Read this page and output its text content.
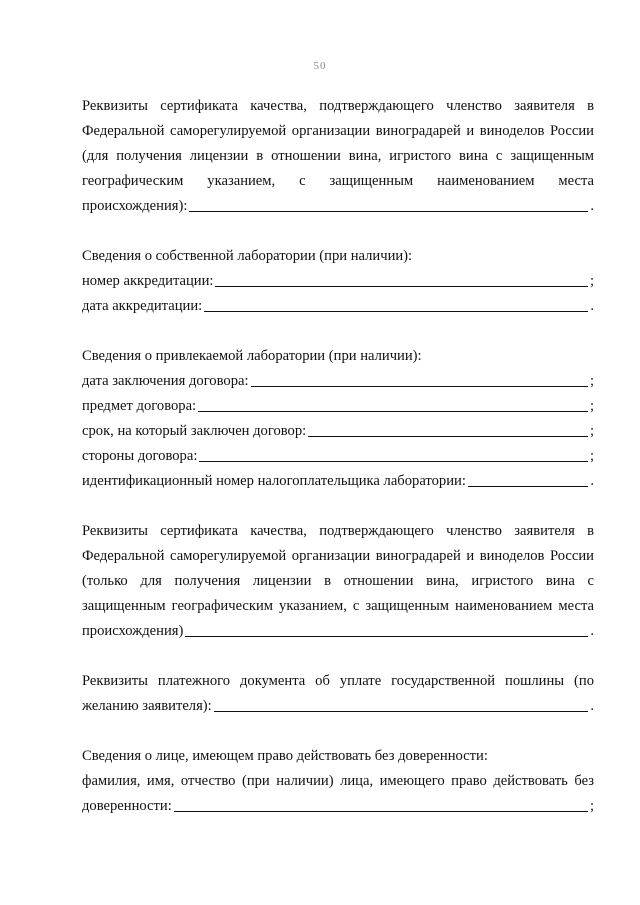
50
Реквизиты сертификата качества, подтверждающего членство заявителя в
Федеральной саморегулируемой организации виноградарей и виноделов России
(для получения лицензии в отношении вина, игристого вина с защищенным
географическим указанием, с защищенным наименованием места
происхождения):	.
Сведения о собственной лаборатории (при наличии):
номер аккредитации:	;
дата аккредитации:	.
Сведения о привлекаемой лаборатории (при наличии):
дата заключения договора:	;
предмет договора:	;
срок, на который заключен договор:	;
стороны договора:	;
идентификационный номер налогоплательщика лаборатории:	.
Реквизиты сертификата качества, подтверждающего членство заявителя в
Федеральной саморегулируемой организации виноградарей и виноделов России
(только для получения лицензии в отношении вина, игристого вина с
защищенным географическим указанием, с защищенным наименованием места
происхождения)	.
Реквизиты платежного документа об уплате государственной пошлины (по
желанию заявителя):	.
Сведения о лице, имеющем право действовать без доверенности:
фамилия, имя, отчество (при наличии) лица, имеющего право действовать без
доверенности:	;
